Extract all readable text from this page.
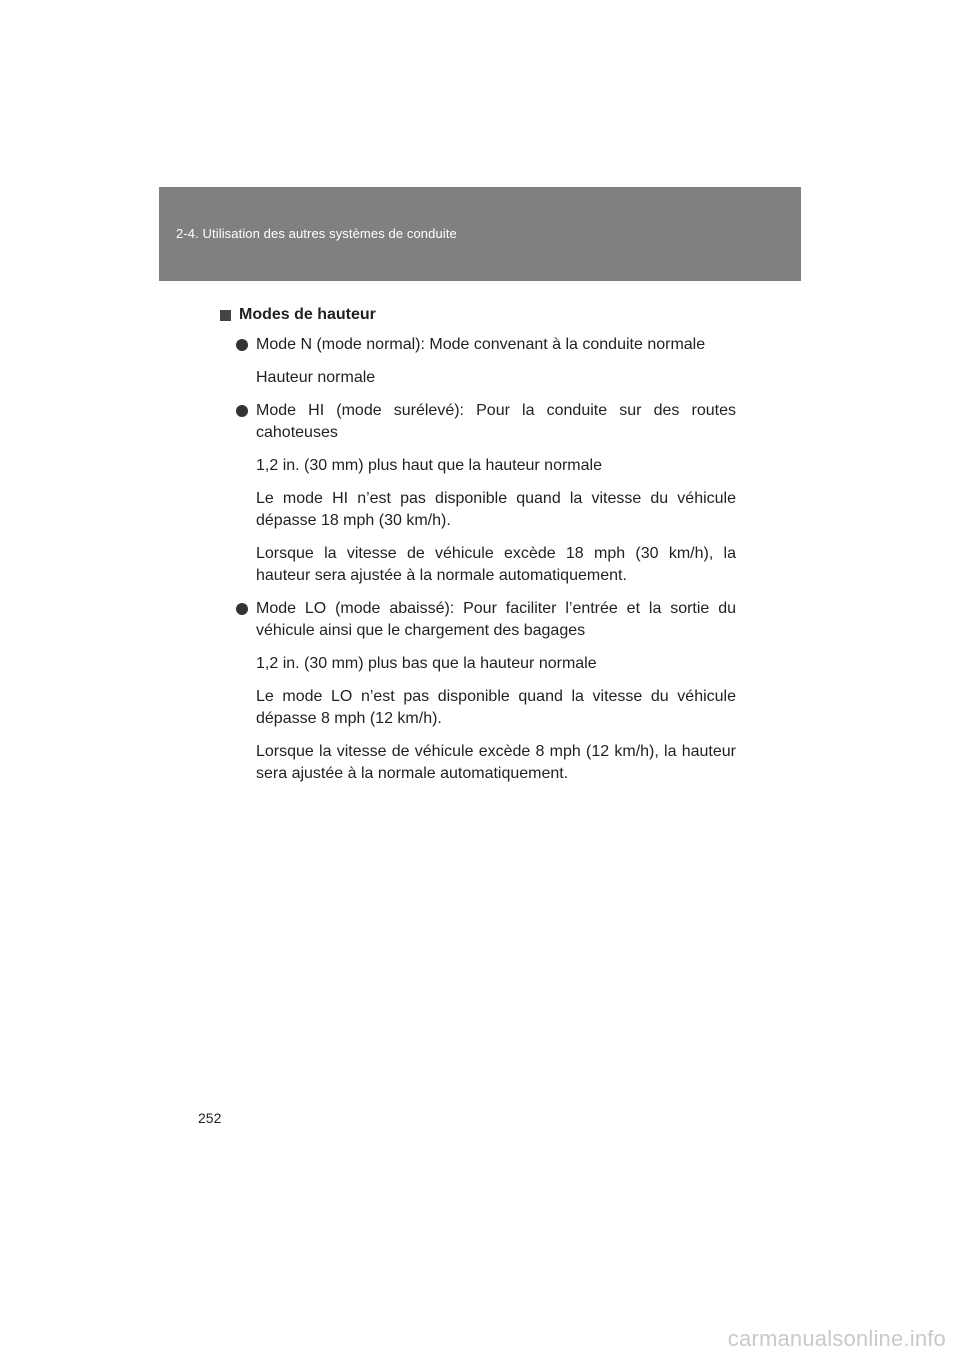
2-4. Utilisation des autres systèmes de conduite
Modes de hauteur

Mode N (mode normal): Mode convenant à la conduite normale

Hauteur normale

Mode HI (mode surélevé): Pour la conduite sur des routes cahoteuses

1,2 in. (30 mm) plus haut que la hauteur normale

Le mode HI n’est pas disponible quand la vitesse du véhicule dépasse 18 mph (30 km/h).

Lorsque la vitesse de véhicule excède 18 mph (30 km/h), la hauteur sera ajustée à la normale automatiquement.

Mode LO (mode abaissé): Pour faciliter l’entrée et la sortie du véhicule ainsi que le chargement des bagages

1,2 in. (30 mm) plus bas que la hauteur normale

Le mode LO n’est pas disponible quand la vitesse du véhicule dépasse 8 mph (12 km/h).

Lorsque la vitesse de véhicule excède 8 mph (12 km/h), la hauteur sera ajustée à la normale automatiquement.

252
carmanualsonline.info
